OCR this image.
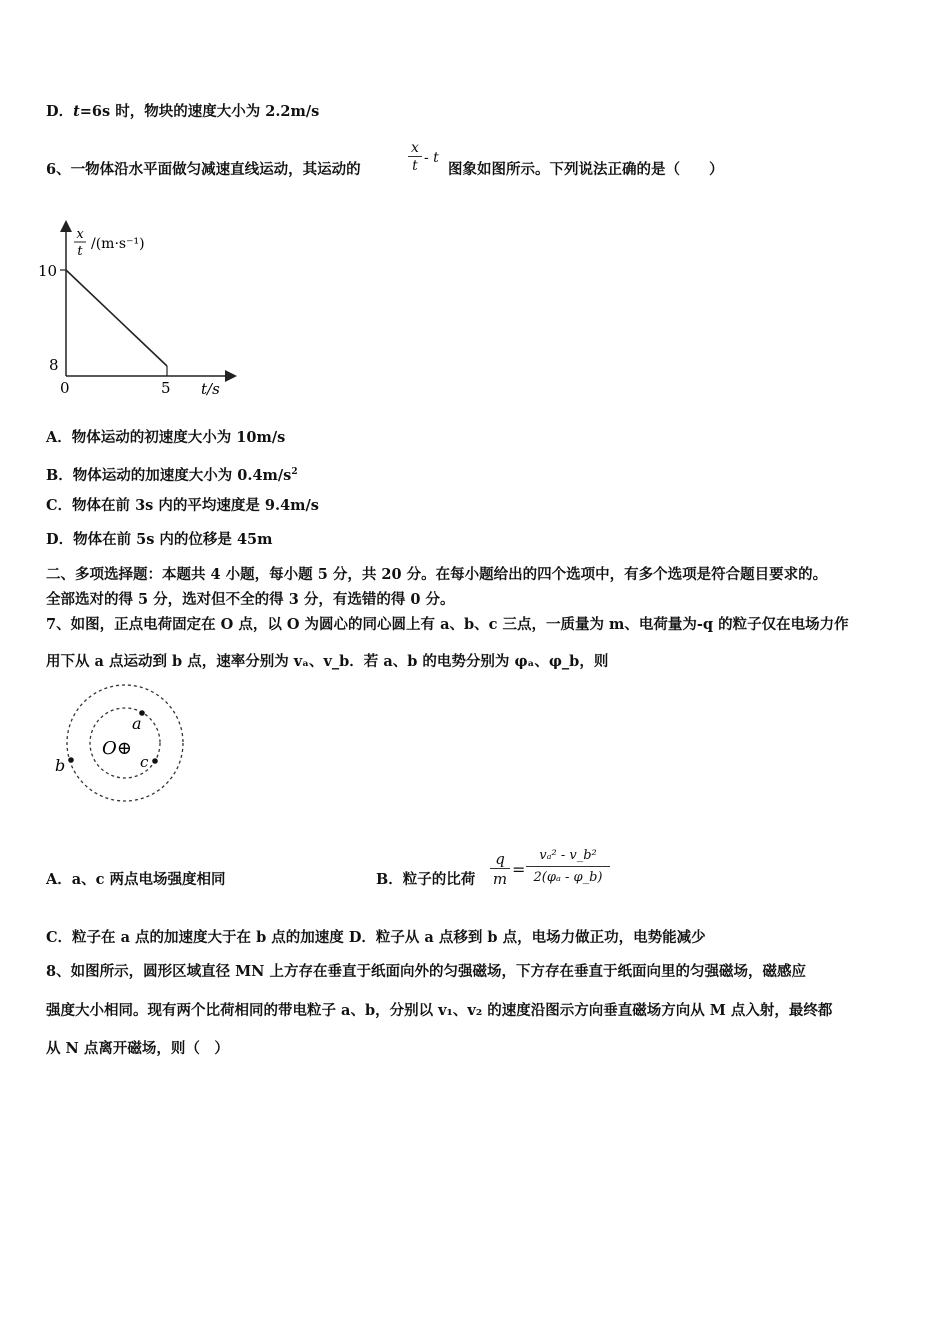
D．t=6s 时，物块的速度大小为 2.2m/s
6、一物体沿水平面做匀减速直线运动，其运动的	$\frac{x}{t}$ - t
图象如图所示。下列说法正确的是（　　）
x
t /(m·s⁻¹)
10
8
0	5 t/s
A．物体运动的初速度大小为 10m/s
B．物体运动的加速度大小为 $0.4m/s^2$
C．物体在前 3s 内的平均速度是 9.4m/s
D．物体在前 5s 内的位移是 45m
二、多项选择题：本题共 4 小题，每小题 5 分，共 20 分。在每小题给出的四个选项中，有多个选项是符合题目要求的。
全部选对的得 5 分，选对但不全的得 3 分，有选错的得 0 分。
7、如图，正点电荷固定在 O 点，以 O 为圆心的同心圆上有 a、b、c 三点，一质量为 m、电荷量为-q 的粒子仅在电场力作
用下从 a 点运动到 b 点，速率分别为 vₐ、v_b．若 a、b 的电势分别为 φₐ、φ_b，则
a
b	c
O⊕
A．a、c 两点电场强度相同	B．粒子的比荷 $\frac{q}{m} = \frac{\text{vₐ² - v\_b²}}{\text{2(φₐ - φ\_b)}}$
C．粒子在 a 点的加速度大于在 b 点的加速度 D．粒子从 a 点移到 b 点，电场力做正功，电势能减少
8、如图所示，圆形区域直径 MN 上方存在垂直于纸面向外的匀强磁场，下方存在垂直于纸面向里的匀强磁场，磁感应
强度大小相同。现有两个比荷相同的带电粒子 a、b，分别以 v₁、v₂ 的速度沿图示方向垂直磁场方向从 M 点入射，最终都
从 N 点离开磁场，则（　）
